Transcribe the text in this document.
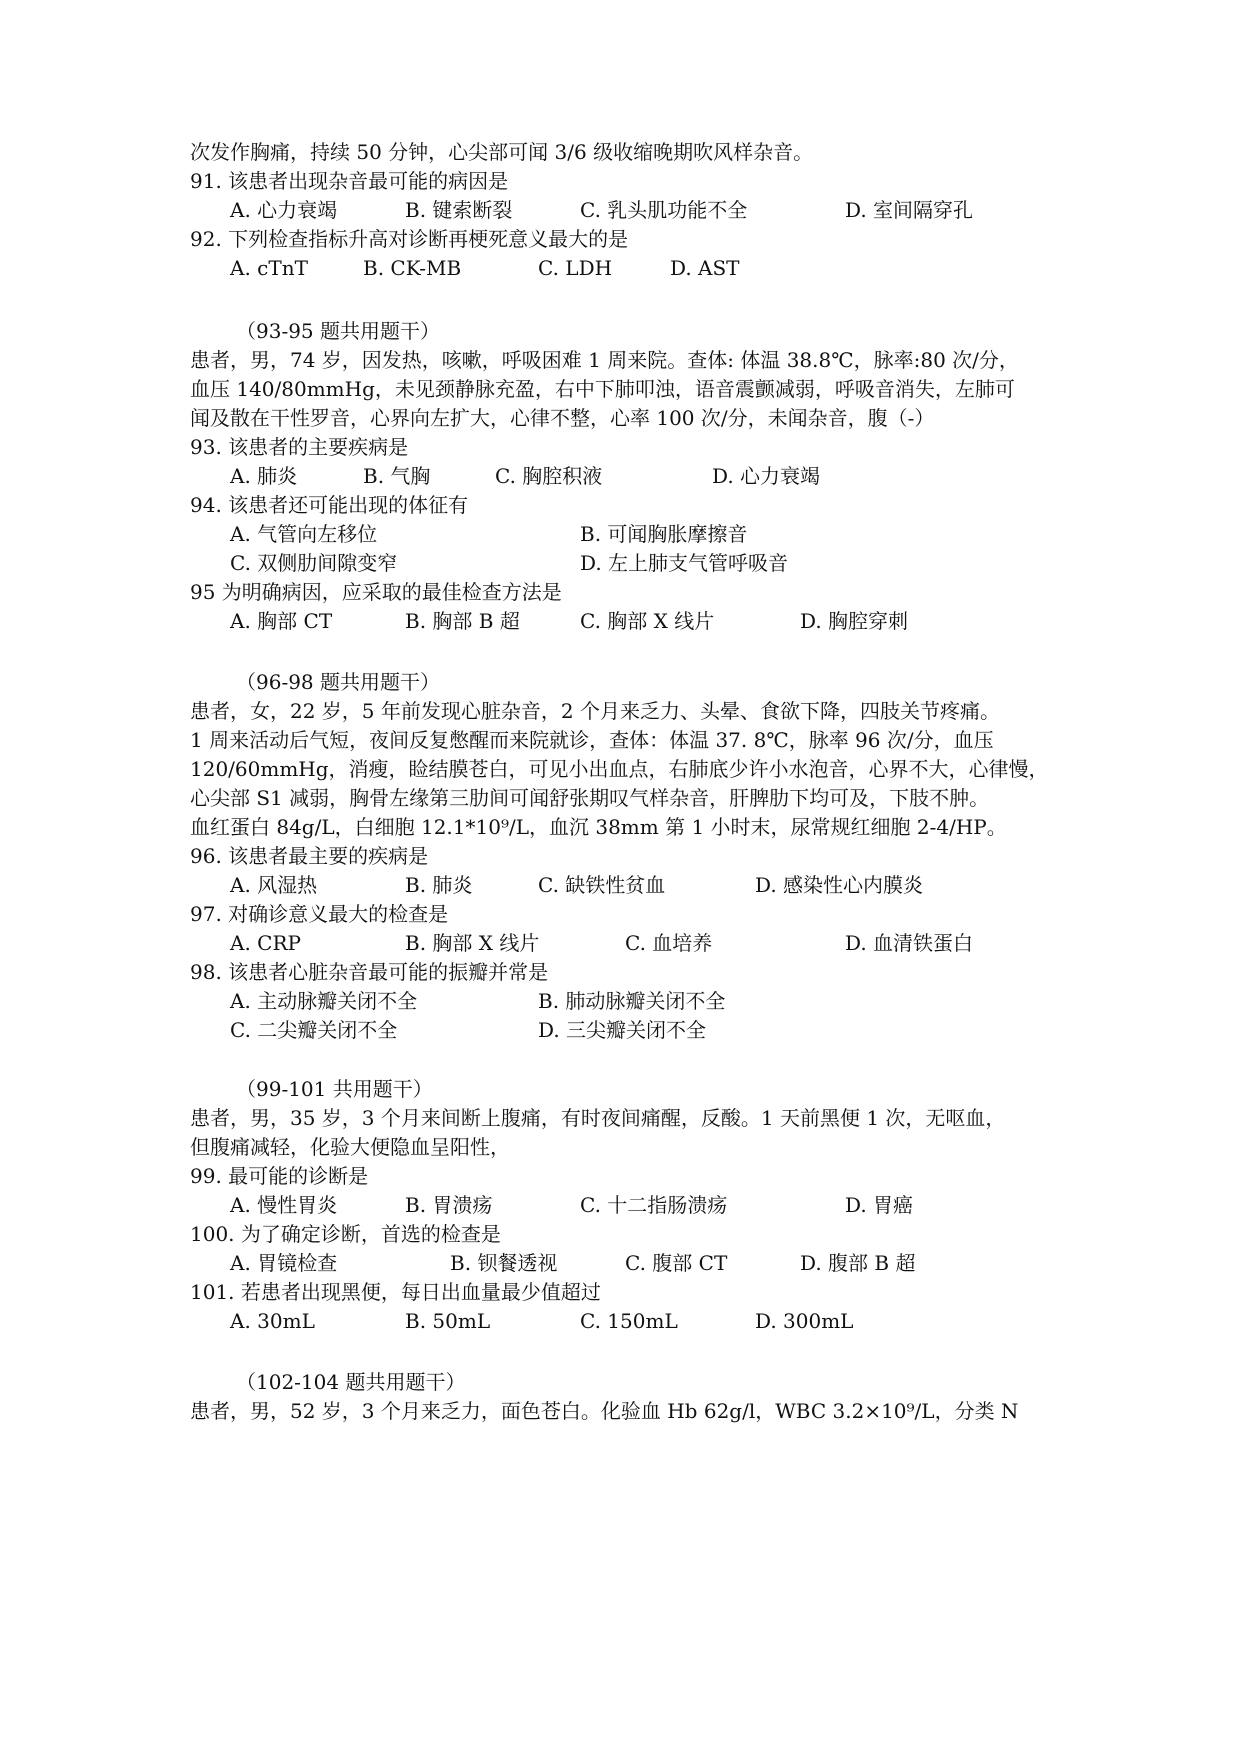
次发作胸痛，持续 50 分钟，心尖部可闻 3/6 级收缩晚期吹风样杂音。
91. 该患者出现杂音最可能的病因是
92. 下列检查指标升高对诊断再梗死意义最大的是
（93-95 题共用题干）
患者，男，74 岁，因发热，咳嗽，呼吸困难 1 周来院。查体: 体温 38.8℃，脉率:80 次/分，
血压 140/80mmHg，未见颈静脉充盈，右中下肺叩浊，语音震颤减弱，呼吸音消失，左肺可
闻及散在干性罗音，心界向左扩大，心律不整，心率 100 次/分，未闻杂音，腹（-）
93. 该患者的主要疾病是
94. 该患者还可能出现的体征有
95 为明确病因，应采取的最佳检查方法是
（96-98 题共用题干）
患者，女，22 岁，5 年前发现心脏杂音，2 个月来乏力、头晕、食欲下降，四肢关节疼痛。
1 周来活动后气短，夜间反复憋醒而来院就诊，查体：体温 37. 8℃，脉率 96 次/分，血压
120/60mmHg，消瘦，睑结膜苍白，可见小出血点，右肺底少许小水泡音，心界不大，心律慢，
心尖部 S1 减弱，胸骨左缘第三肋间可闻舒张期叹气样杂音，肝脾肋下均可及，下肢不肿。
血红蛋白 84g/L，白细胞 12.1*10⁹/L，血沉 38mm 第 1 小时末，尿常规红细胞 2-4/HP。
96. 该患者最主要的疾病是
97. 对确诊意义最大的检查是
98. 该患者心脏杂音最可能的振瓣并常是
（99-101 共用题干）
患者，男，35 岁，3 个月来间断上腹痛，有时夜间痛醒，反酸。1 天前黑便 1 次，无呕血，
但腹痛减轻，化验大便隐血呈阳性，
99. 最可能的诊断是
100. 为了确定诊断，首选的检查是
101. 若患者出现黑便，每日出血量最少值超过
（102-104 题共用题干）
患者，男，52 岁，3 个月来乏力，面色苍白。化验血 Hb 62g/l，WBC 3.2×10⁹/L，分类 N
A. 心力衰竭	B. 键索断裂	C. 乳头肌功能不全	D. 室间隔穿孔
A. cTnT	B. CK-MB	C. LDH	D. AST
A. 肺炎	B. 气胸	C. 胸腔积液	D. 心力衰竭
A. 气管向左移位	B. 可闻胸胀摩擦音
C. 双侧肋间隙变窄	D. 左上肺支气管呼吸音
A. 胸部 CT	B. 胸部 B 超	C. 胸部 X 线片	D. 胸腔穿刺
A. 风湿热	B. 肺炎	C. 缺铁性贫血	D. 感染性心内膜炎
A. CRP	B. 胸部 X 线片	C. 血培养	D. 血清铁蛋白
A. 主动脉瓣关闭不全	B. 肺动脉瓣关闭不全
C. 二尖瓣关闭不全	D. 三尖瓣关闭不全
A. 慢性胃炎	B. 胃溃疡	C. 十二指肠溃疡	D. 胃癌
A. 胃镜检查	B. 钡餐透视	C. 腹部 CT	D. 腹部 B 超
A. 30mL	B. 50mL	C. 150mL	D. 300mL
